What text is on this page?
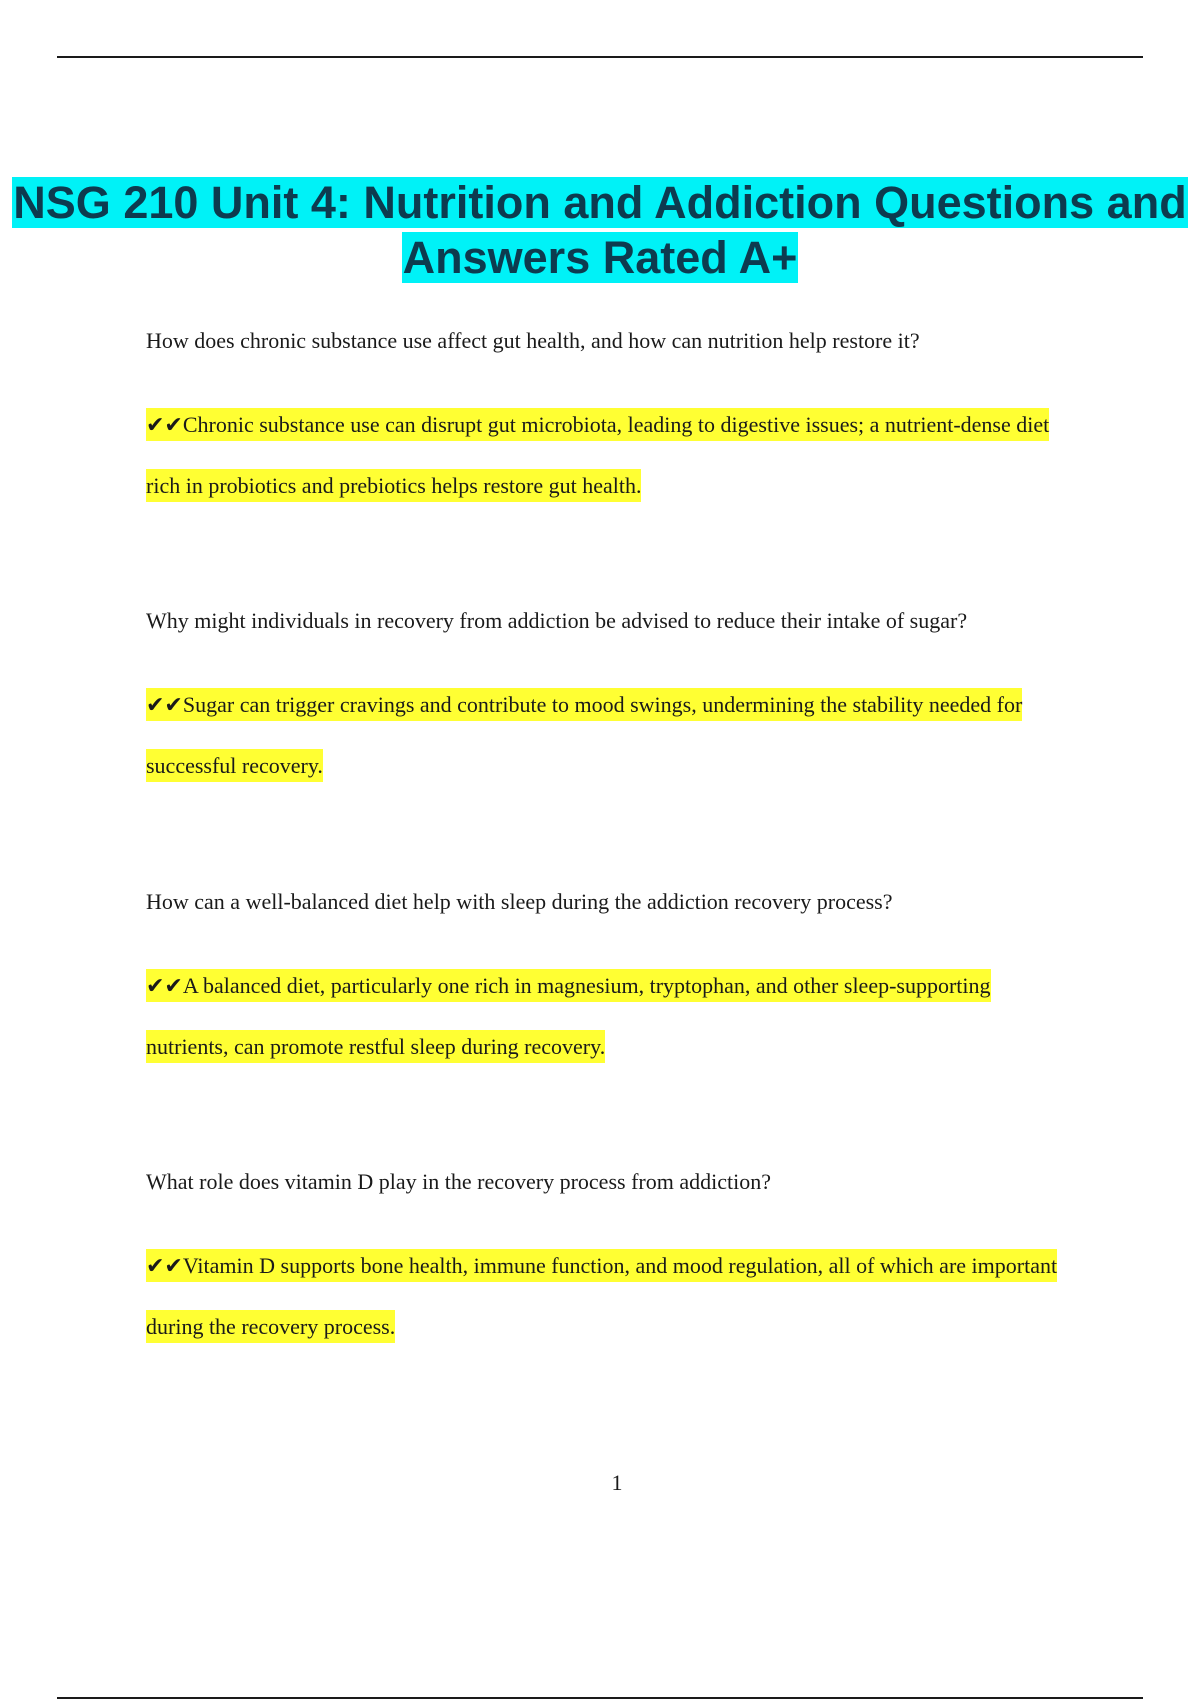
NSG 210 Unit 4: Nutrition and Addiction Questions and Answers Rated A+

How does chronic substance use affect gut health, and how can nutrition help restore it?

✔✔Chronic substance use can disrupt gut microbiota, leading to digestive issues; a nutrient-dense diet rich in probiotics and prebiotics helps restore gut health.

Why might individuals in recovery from addiction be advised to reduce their intake of sugar?

✔✔Sugar can trigger cravings and contribute to mood swings, undermining the stability needed for successful recovery.

How can a well-balanced diet help with sleep during the addiction recovery process?

✔✔A balanced diet, particularly one rich in magnesium, tryptophan, and other sleep-supporting nutrients, can promote restful sleep during recovery.

What role does vitamin D play in the recovery process from addiction?

✔✔Vitamin D supports bone health, immune function, and mood regulation, all of which are important during the recovery process.

1
